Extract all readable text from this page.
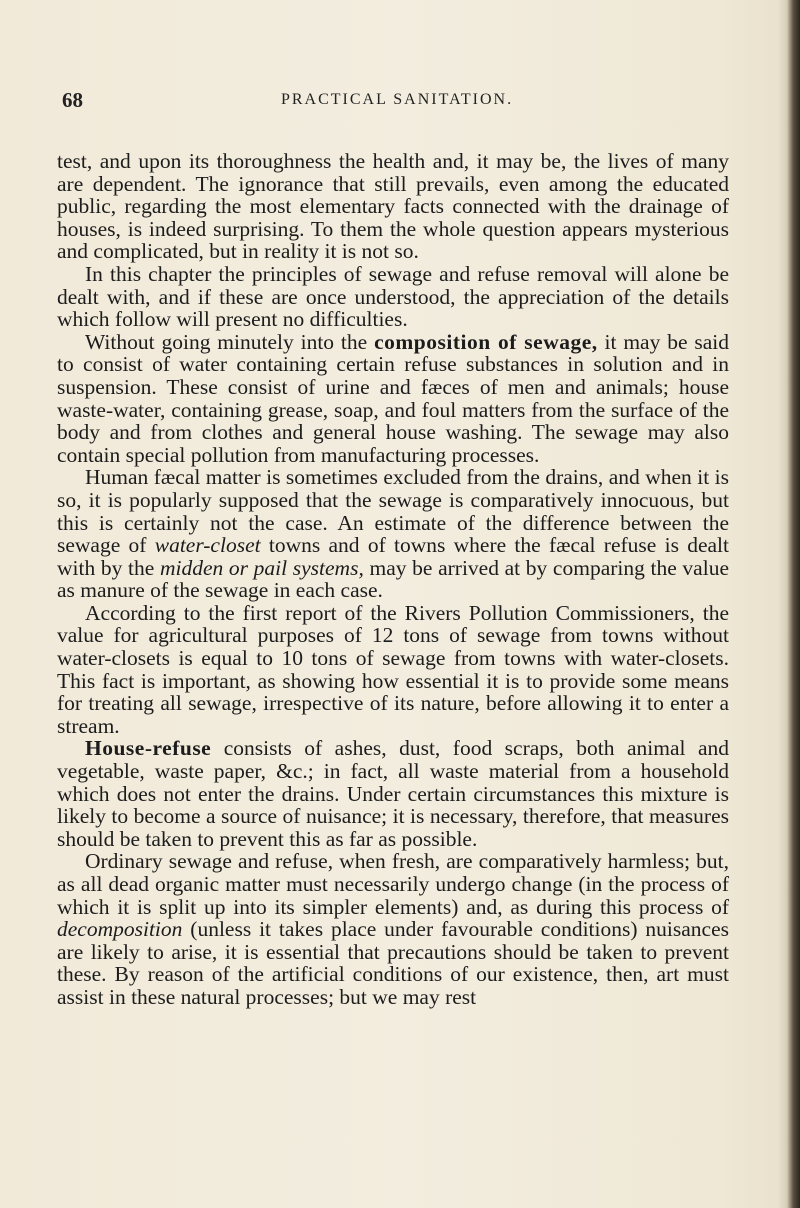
68	PRACTICAL SANITATION.

test, and upon its thoroughness the health and, it may be, the lives of many are dependent. The ignorance that still prevails, even among the educated public, regarding the most elementary facts connected with the drainage of houses, is indeed surprising. To them the whole question appears mysterious and complicated, but in reality it is not so.

In this chapter the principles of sewage and refuse removal will alone be dealt with, and if these are once understood, the appreciation of the details which follow will present no difficulties.

Without going minutely into the composition of sewage, it may be said to consist of water containing certain refuse substances in solution and in suspension. These consist of urine and fæces of men and animals; house waste-water, containing grease, soap, and foul matters from the surface of the body and from clothes and general house washing. The sewage may also contain special pollution from manufacturing processes.

Human fæcal matter is sometimes excluded from the drains, and when it is so, it is popularly supposed that the sewage is comparatively innocuous, but this is certainly not the case. An estimate of the difference between the sewage of water-closet towns and of towns where the fæcal refuse is dealt with by the midden or pail systems, may be arrived at by comparing the value as manure of the sewage in each case.

According to the first report of the Rivers Pollution Commissioners, the value for agricultural purposes of 12 tons of sewage from towns without water-closets is equal to 10 tons of sewage from towns with water-closets. This fact is important, as showing how essential it is to provide some means for treating all sewage, irrespective of its nature, before allowing it to enter a stream.

House-refuse consists of ashes, dust, food scraps, both animal and vegetable, waste paper, &c.; in fact, all waste material from a household which does not enter the drains. Under certain circumstances this mixture is likely to become a source of nuisance; it is necessary, therefore, that measures should be taken to prevent this as far as possible.

Ordinary sewage and refuse, when fresh, are comparatively harmless; but, as all dead organic matter must necessarily undergo change (in the process of which it is split up into its simpler elements) and, as during this process of decomposition (unless it takes place under favourable conditions) nuisances are likely to arise, it is essential that precautions should be taken to prevent these. By reason of the artificial conditions of our existence, then, art must assist in these natural processes; but we may rest
